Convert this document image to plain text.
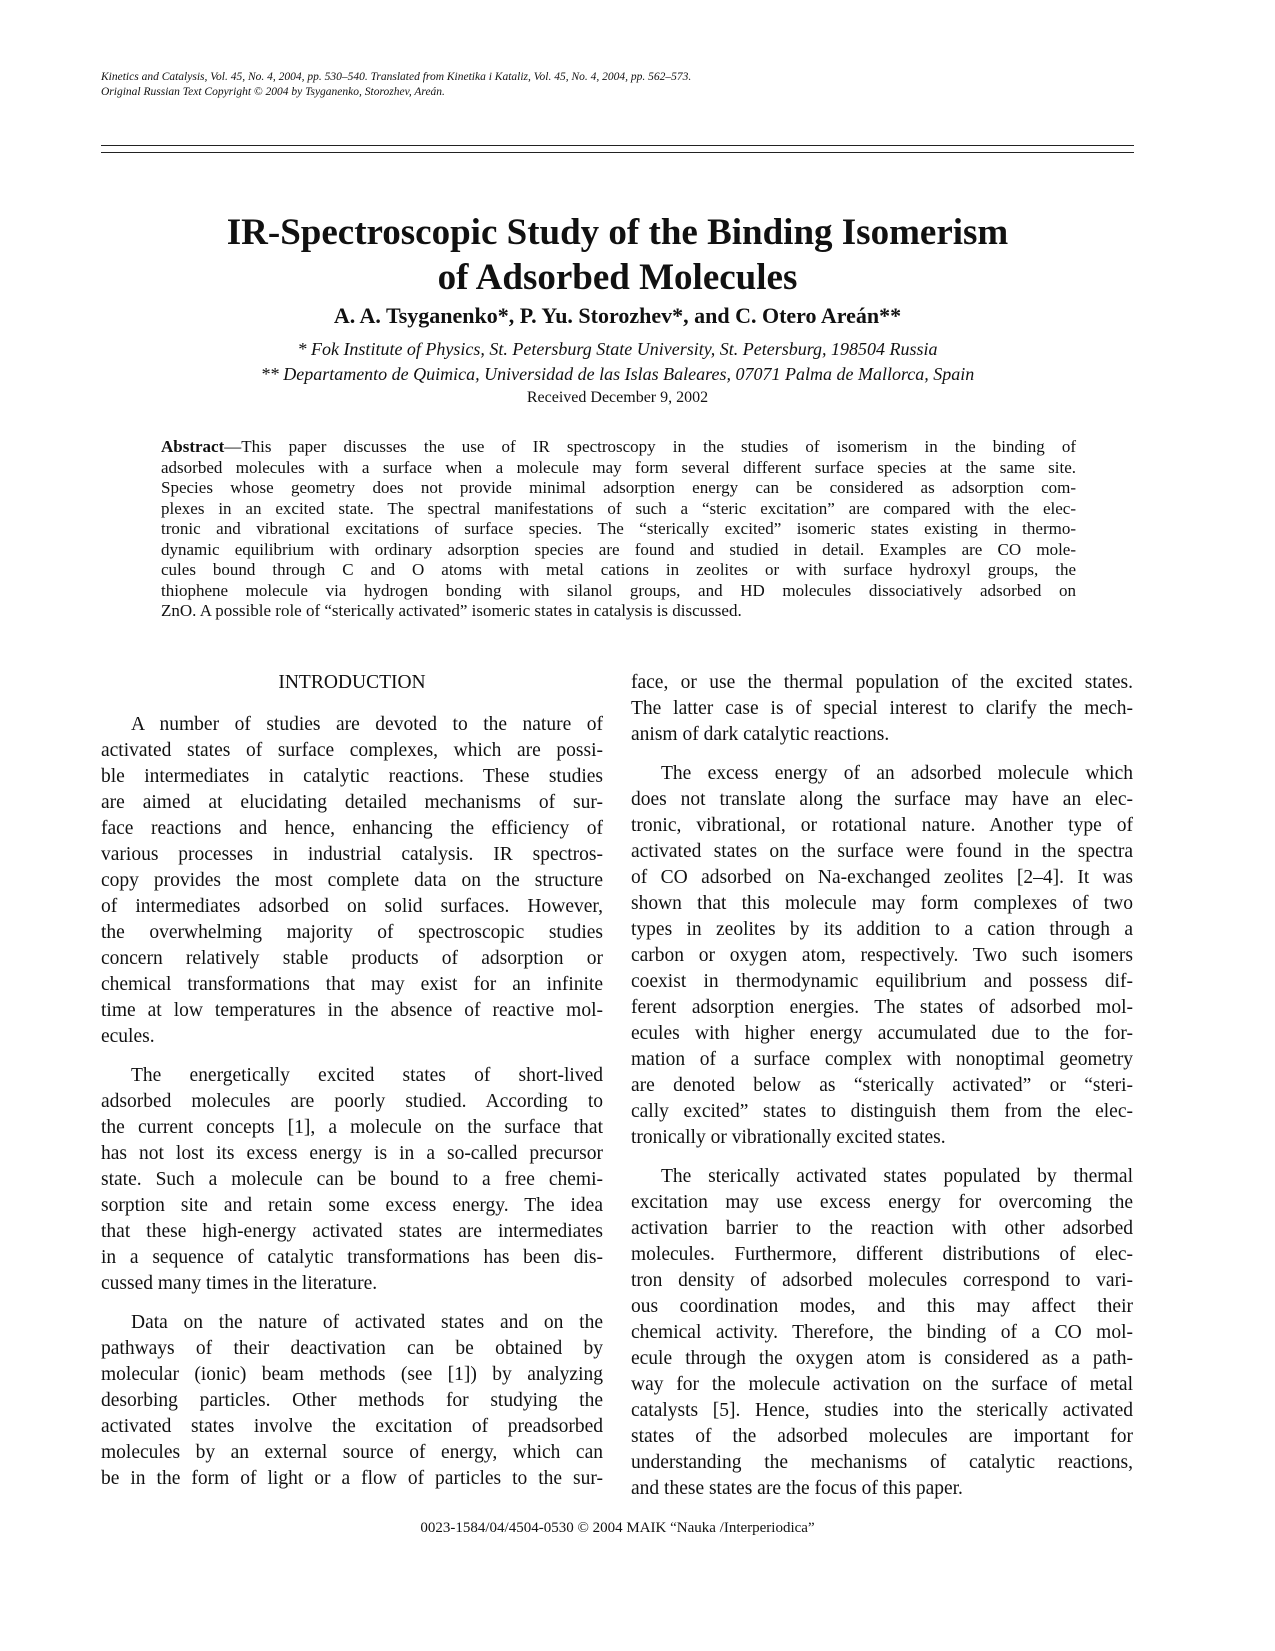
Kinetics and Catalysis, Vol. 45, No. 4, 2004, pp. 530–540. Translated from Kinetika i Kataliz, Vol. 45, No. 4, 2004, pp. 562–573.
Original Russian Text Copyright © 2004 by Tsyganenko, Storozhev, Areán.
IR-Spectroscopic Study of the Binding Isomerism
of Adsorbed Molecules
A. A. Tsyganenko*, P. Yu. Storozhev*, and C. Otero Areán**
* Fok Institute of Physics, St. Petersburg State University, St. Petersburg, 198504 Russia
** Departamento de Quimica, Universidad de las Islas Baleares, 07071 Palma de Mallorca, Spain
Received December 9, 2002
Abstract—This paper discusses the use of IR spectroscopy in the studies of isomerism in the binding of
adsorbed molecules with a surface when a molecule may form several different surface species at the same site.
Species whose geometry does not provide minimal adsorption energy can be considered as adsorption com-
plexes in an excited state. The spectral manifestations of such a “steric excitation” are compared with the elec-
tronic and vibrational excitations of surface species. The “sterically excited” isomeric states existing in thermo-
dynamic equilibrium with ordinary adsorption species are found and studied in detail. Examples are CO mole-
cules bound through C and O atoms with metal cations in zeolites or with surface hydroxyl groups, the
thiophene molecule via hydrogen bonding with silanol groups, and HD molecules dissociatively adsorbed on
ZnO. A possible role of “sterically activated” isomeric states in catalysis is discussed.
INTRODUCTION
A number of studies are devoted to the nature of
activated states of surface complexes, which are possi-
ble intermediates in catalytic reactions. These studies
are aimed at elucidating detailed mechanisms of sur-
face reactions and hence, enhancing the efficiency of
various processes in industrial catalysis. IR spectros-
copy provides the most complete data on the structure
of intermediates adsorbed on solid surfaces. However,
the overwhelming majority of spectroscopic studies
concern relatively stable products of adsorption or
chemical transformations that may exist for an infinite
time at low temperatures in the absence of reactive mol-
ecules.
The energetically excited states of short-lived
adsorbed molecules are poorly studied. According to
the current concepts [1], a molecule on the surface that
has not lost its excess energy is in a so-called precursor
state. Such a molecule can be bound to a free chemi-
sorption site and retain some excess energy. The idea
that these high-energy activated states are intermediates
in a sequence of catalytic transformations has been dis-
cussed many times in the literature.
Data on the nature of activated states and on the
pathways of their deactivation can be obtained by
molecular (ionic) beam methods (see [1]) by analyzing
desorbing particles. Other methods for studying the
activated states involve the excitation of preadsorbed
molecules by an external source of energy, which can
be in the form of light or a flow of particles to the sur-
face, or use the thermal population of the excited states.
The latter case is of special interest to clarify the mech-
anism of dark catalytic reactions.
The excess energy of an adsorbed molecule which
does not translate along the surface may have an elec-
tronic, vibrational, or rotational nature. Another type of
activated states on the surface were found in the spectra
of CO adsorbed on Na-exchanged zeolites [2–4]. It was
shown that this molecule may form complexes of two
types in zeolites by its addition to a cation through a
carbon or oxygen atom, respectively. Two such isomers
coexist in thermodynamic equilibrium and possess dif-
ferent adsorption energies. The states of adsorbed mol-
ecules with higher energy accumulated due to the for-
mation of a surface complex with nonoptimal geometry
are denoted below as “sterically activated” or “steri-
cally excited” states to distinguish them from the elec-
tronically or vibrationally excited states.
The sterically activated states populated by thermal
excitation may use excess energy for overcoming the
activation barrier to the reaction with other adsorbed
molecules. Furthermore, different distributions of elec-
tron density of adsorbed molecules correspond to vari-
ous coordination modes, and this may affect their
chemical activity. Therefore, the binding of a CO mol-
ecule through the oxygen atom is considered as a path-
way for the molecule activation on the surface of metal
catalysts [5]. Hence, studies into the sterically activated
states of the adsorbed molecules are important for
understanding the mechanisms of catalytic reactions,
and these states are the focus of this paper.
0023-1584/04/4504-0530 © 2004 MAIK “Nauka /Interperiodica”
